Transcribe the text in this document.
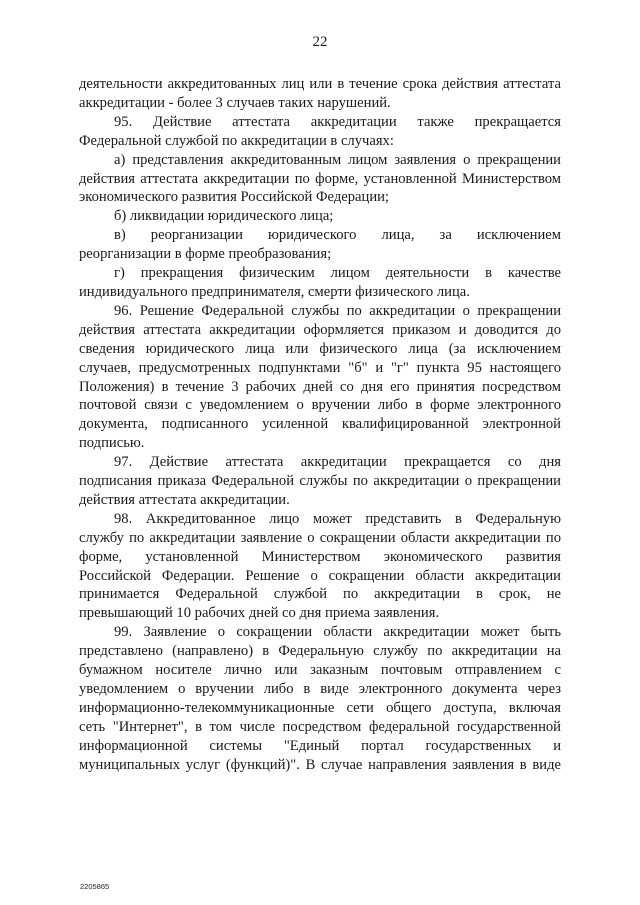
22
деятельности аккредитованных лиц или в течение срока действия аттестата
аккредитации - более 3 случаев таких нарушений.
95. Действие аттестата аккредитации также прекращается
Федеральной службой по аккредитации в случаях:
а) представления аккредитованным лицом заявления о прекращении
действия аттестата аккредитации по форме, установленной Министерством
экономического развития Российской Федерации;
б) ликвидации юридического лица;
в) реорганизации юридического лица, за исключением
реорганизации в форме преобразования;
г) прекращения физическим лицом деятельности в качестве
индивидуального предпринимателя, смерти физического лица.
96. Решение Федеральной службы по аккредитации о прекращении
действия аттестата аккредитации оформляется приказом и доводится до
сведения юридического лица или физического лица (за исключением
случаев, предусмотренных подпунктами "б" и "г" пункта 95 настоящего
Положения) в течение 3 рабочих дней со дня его принятия посредством
почтовой связи с уведомлением о вручении либо в форме электронного
документа, подписанного усиленной квалифицированной электронной
подписью.
97. Действие аттестата аккредитации прекращается со дня
подписания приказа Федеральной службы по аккредитации о прекращении
действия аттестата аккредитации.
98. Аккредитованное лицо может представить в Федеральную
службу по аккредитации заявление о сокращении области аккредитации по
форме, установленной Министерством экономического развития
Российской Федерации. Решение о сокращении области аккредитации
принимается Федеральной службой по аккредитации в срок, не
превышающий 10 рабочих дней со дня приема заявления.
99. Заявление о сокращении области аккредитации может быть
представлено (направлено) в Федеральную службу по аккредитации на
бумажном носителе лично или заказным почтовым отправлением с
уведомлением о вручении либо в виде электронного документа через
информационно-телекоммуникационные сети общего доступа, включая
сеть "Интернет", в том числе посредством федеральной государственной
информационной системы "Единый портал государственных и
муниципальных услуг (функций)". В случае направления заявления в виде
2205865
